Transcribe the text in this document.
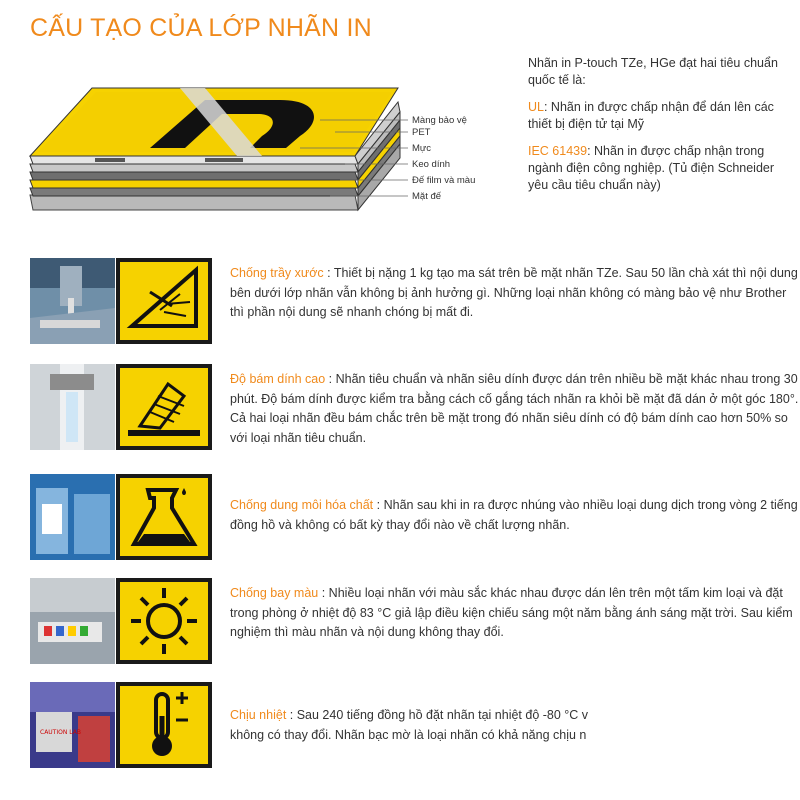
CẤU TẠO CỦA LỚP NHÃN IN
Màng bảo vệ
PET
Mực
Keo dính
Đế film và màu
Mặt đế

Nhãn in P-touch TZe, HGe đạt hai tiêu chuẩn quốc tế là:

UL: Nhãn in được chấp nhận để dán lên các thiết bị điện tử tại Mỹ

IEC 61439: Nhãn in được chấp nhận trong ngành điện công nghiệp. (Tủ điện Schneider yêu cầu tiêu chuẩn này)

Chống trầy xước : Thiết bị nặng 1 kg tạo ma sát trên bề mặt nhãn TZe. Sau 50 lần chà xát thì nội dung bên dưới lớp nhãn vẫn không bị ảnh hưởng gì. Những loại nhãn không có màng bảo vệ như Brother thì phần nội dung sẽ nhanh chóng bị mất đi.
Độ bám dính cao : Nhãn tiêu chuẩn và nhãn siêu dính được dán trên nhiều bề mặt khác nhau trong 30 phút. Độ bám dính được kiểm tra bằng cách cố gắng tách nhãn ra khỏi bề mặt đã dán ở một góc 180°. Cả hai loại nhãn đều bám chắc trên bề mặt trong đó nhãn siêu dính có độ bám dính cao hơn 50% so với loại nhãn tiêu chuẩn.
Chống dung môi hóa chất : Nhãn sau khi in ra được nhúng vào nhiều loại dung dịch trong vòng 2 tiếng đồng hồ và không có bất kỳ thay đổi nào về chất lượng nhãn.
Chống bay màu : Nhiều loại nhãn với màu sắc khác nhau được dán lên trên một tấm kim loại và đặt trong phòng ở nhiệt độ 83 °C giả lập điều kiện chiếu sáng một năm bằng ánh sáng mặt trời. Sau kiểm nghiệm thì màu nhãn và nội dung không thay đổi.
CAUTION LAB
Chịu nhiệt : Sau 240 tiếng đồng hồ đặt nhãn tại nhiệt độ -80 °C v
không có thay đổi. Nhãn bạc mờ là loại nhãn có khả năng chịu n
